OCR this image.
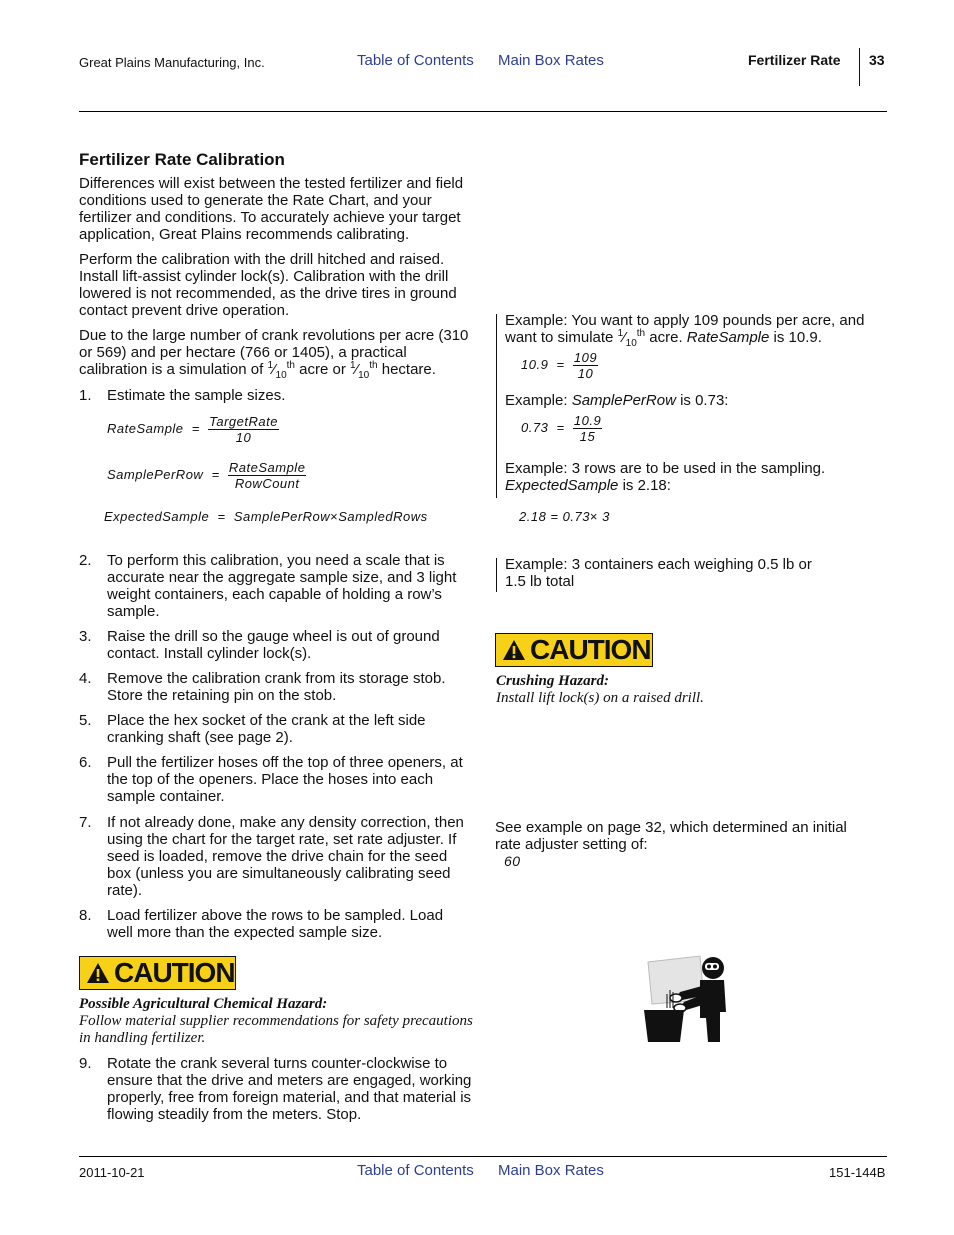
Great Plains Manufacturing, Inc.	Table of Contents Main Box Rates	Fertilizer Rate 33
Fertilizer Rate Calibration

Differences will exist between the tested fertilizer and field conditions used to generate the Rate Chart, and your fertilizer and conditions. To accurately achieve your target application, Great Plains recommends calibrating.

Perform the calibration with the drill hitched and raised. Install lift-assist cylinder lock(s). Calibration with the drill lowered is not recommended, as the drive tires in ground contact prevent drive operation.

Due to the large number of crank revolutions per acre (310 or 569) and per hectare (766 or 1405), a practical calibration is a simulation of $^1⁄_{10}^{th}$ acre or $^1⁄_{10}^{th}$ hectare.

1. Estimate the sample sizes.
RateSample = $\frac{\text{TargetRate}}{10}$
SamplePerRow = $\frac{\text{RateSample}}{\text{RowCount}}$
ExpectedSample = SamplePerRow×SampledRows
2. To perform this calibration, you need a scale that is accurate near the aggregate sample size, and 3 light weight containers, each capable of holding a row’s sample.
3. Raise the drill so the gauge wheel is out of ground contact. Install cylinder lock(s).
4. Remove the calibration crank from its storage stob. Store the retaining pin on the stob.
5. Place the hex socket of the crank at the left side cranking shaft (see page 2).
6. Pull the fertilizer hoses off the top of three openers, at the top of the openers. Place the hoses into each sample container.
7. If not already done, make any density correction, then using the chart for the target rate, set rate adjuster. If seed is loaded, remove the drive chain for the seed box (unless you are simultaneously calibrating seed rate).
8. Load fertilizer above the rows to be sampled. Load well more than the expected sample size.
CAUTION
Possible Agricultural Chemical Hazard:
Follow material supplier recommendations for safety precautions in handling fertilizer.
9. Rotate the crank several turns counter-clockwise to ensure that the drive and meters are engaged, working properly, free from foreign material, and that material is flowing steadily from the meters. Stop.

Example: You want to apply 109 pounds per acre, and want to simulate $^1⁄_{10}^{th}$ acre. RateSample is 10.9.

$10.9 = \frac{109}{10}$

Example: SamplePerRow is 0.73:

$0.73 = \frac{10.9}{15}$

Example: 3 rows are to be used in the sampling.
ExpectedSample is 2.18:

2.18 = 0.73× 3

Example: 3 containers each weighing 0.5 lb or 1.5 lb total

CAUTION
Crushing Hazard:
Install lift lock(s) on a raised drill.

See example on page 32, which determined an initial rate adjuster setting of:

60
2011-10-21	Table of Contents Main Box Rates	151-144B
